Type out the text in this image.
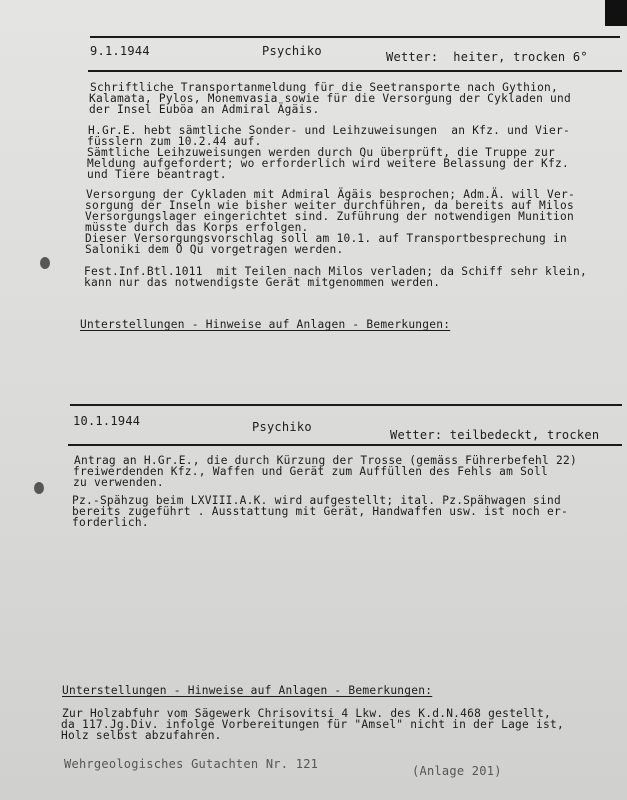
9.1.1944	Psychiko	Wetter:  heiter, trocken 6°
Schriftliche Transportanmeldung für die Seetransporte nach Gythion,
Kalamata, Pylos, Monemvasia sowie für die Versorgung der Cykladen und
der Insel Euböa an Admiral Ägäis.
H.Gr.E. hebt sämtliche Sonder- und Leihzuweisungen  an Kfz. und Vier-
füsslern zum 10.2.44 auf.
Sämtliche Leihzuweisungen werden durch Qu überprüft, die Truppe zur
Meldung aufgefordert; wo erforderlich wird weitere Belassung der Kfz.
und Tiere beantragt.
Versorgung der Cykladen mit Admiral Ägäis besprochen; Adm.Ä. will Ver-
sorgung der Inseln wie bisher weiter durchführen, da bereits auf Milos
Versorgungslager eingerichtet sind. Zuführung der notwendigen Munition
müsste durch das Korps erfolgen.
Dieser Versorgungsvorschlag soll am 10.1. auf Transportbesprechung in
Saloniki dem O Qu vorgetragen werden.
Fest.Inf.Btl.1011  mit Teilen nach Milos verladen; da Schiff sehr klein,
kann nur das notwendigste Gerät mitgenommen werden.
Unterstellungen - Hinweise auf Anlagen - Bemerkungen:
10.1.1944	Psychiko
Wetter: teilbedeckt, trocken
Antrag an H.Gr.E., die durch Kürzung der Trosse (gemäss Führerbefehl 22)
freiwerdenden Kfz., Waffen und Gerät zum Auffüllen des Fehls am Soll
zu verwenden.
Pz.-Spähzug beim LXVIII.A.K. wird aufgestellt; ital. Pz.Spähwagen sind
bereits zugeführt . Ausstattung mit Gerät, Handwaffen usw. ist noch er-
forderlich.
Unterstellungen - Hinweise auf Anlagen - Bemerkungen:
Zur Holzabfuhr vom Sägewerk Chrisovitsi 4 Lkw. des K.d.N.468 gestellt,
da 117.Jg.Div. infolge Vorbereitungen für "Amsel" nicht in der Lage ist,
Holz selbst abzufahren.
Wehrgeologisches Gutachten Nr. 121	(Anlage 201)
